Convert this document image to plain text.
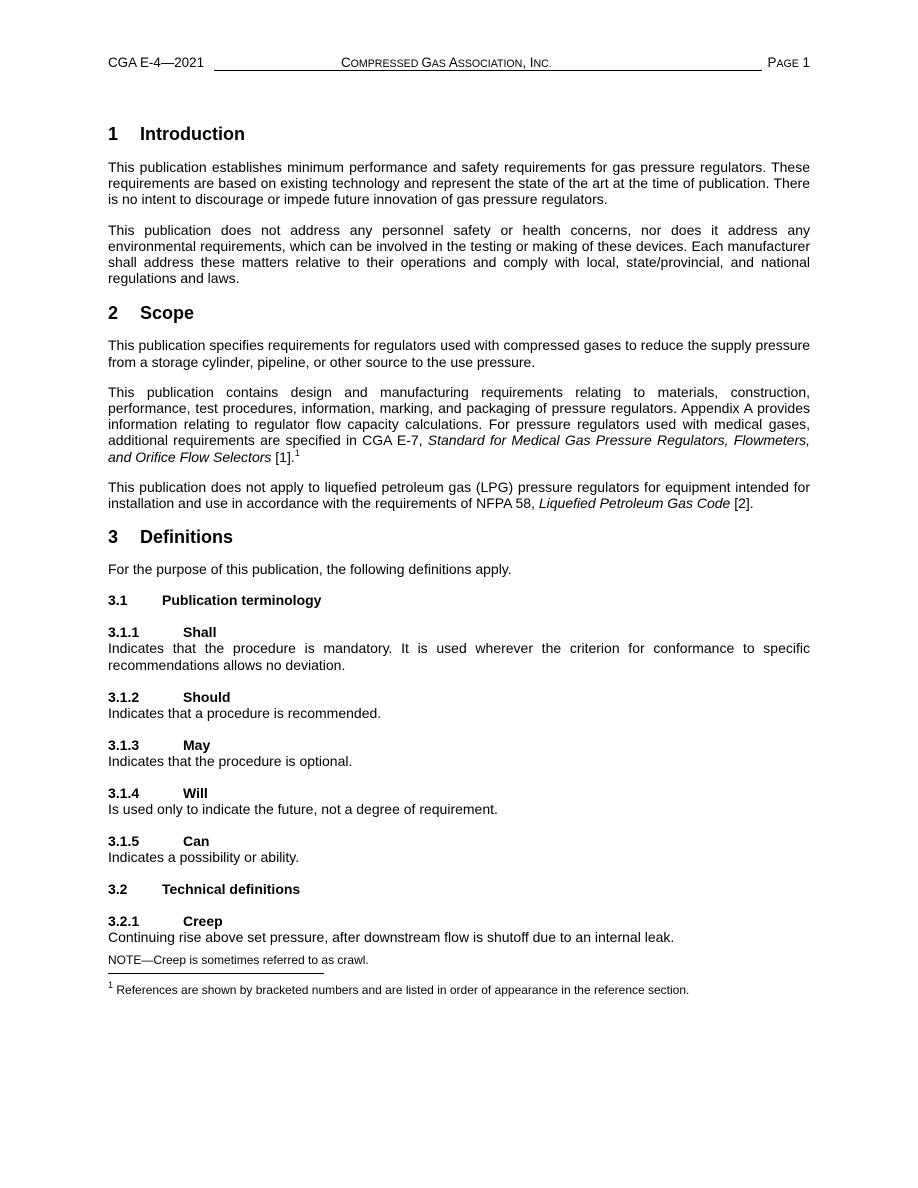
CGA E-4—2021	COMPRESSED GAS ASSOCIATION, INC.	PAGE 1
1 Introduction

This publication establishes minimum performance and safety requirements for gas pressure regulators. These requirements are based on existing technology and represent the state of the art at the time of publication. There is no intent to discourage or impede future innovation of gas pressure regulators.

This publication does not address any personnel safety or health concerns, nor does it address any environmental requirements, which can be involved in the testing or making of these devices. Each manufacturer shall address these matters relative to their operations and comply with local, state/provincial, and national regulations and laws.

2 Scope

This publication specifies requirements for regulators used with compressed gases to reduce the supply pressure from a storage cylinder, pipeline, or other source to the use pressure.

This publication contains design and manufacturing requirements relating to materials, construction, performance, test procedures, information, marking, and packaging of pressure regulators. Appendix A provides information relating to regulator flow capacity calculations. For pressure regulators used with medical gases, additional requirements are specified in CGA E-7, Standard for Medical Gas Pressure Regulators, Flowmeters, and Orifice Flow Selectors [1].$^1$

This publication does not apply to liquefied petroleum gas (LPG) pressure regulators for equipment intended for installation and use in accordance with the requirements of NFPA 58, Liquefied Petroleum Gas Code [2].

3 Definitions

For the purpose of this publication, the following definitions apply.

3.1 Publication terminology
3.1.1	Shall

Indicates that the procedure is mandatory. It is used wherever the criterion for conformance to specific recommendations allows no deviation.

3.1.2	Should

Indicates that a procedure is recommended.

3.1.3	May

Indicates that the procedure is optional.

3.1.4	Will

Is used only to indicate the future, not a degree of requirement.

3.1.5	Can

Indicates a possibility or ability.

3.2 Technical definitions
3.2.1	Creep

Continuing rise above set pressure, after downstream flow is shutoff due to an internal leak.

NOTE—Creep is sometimes referred to as crawl.

$^1$ References are shown by bracketed numbers and are listed in order of appearance in the reference section.
